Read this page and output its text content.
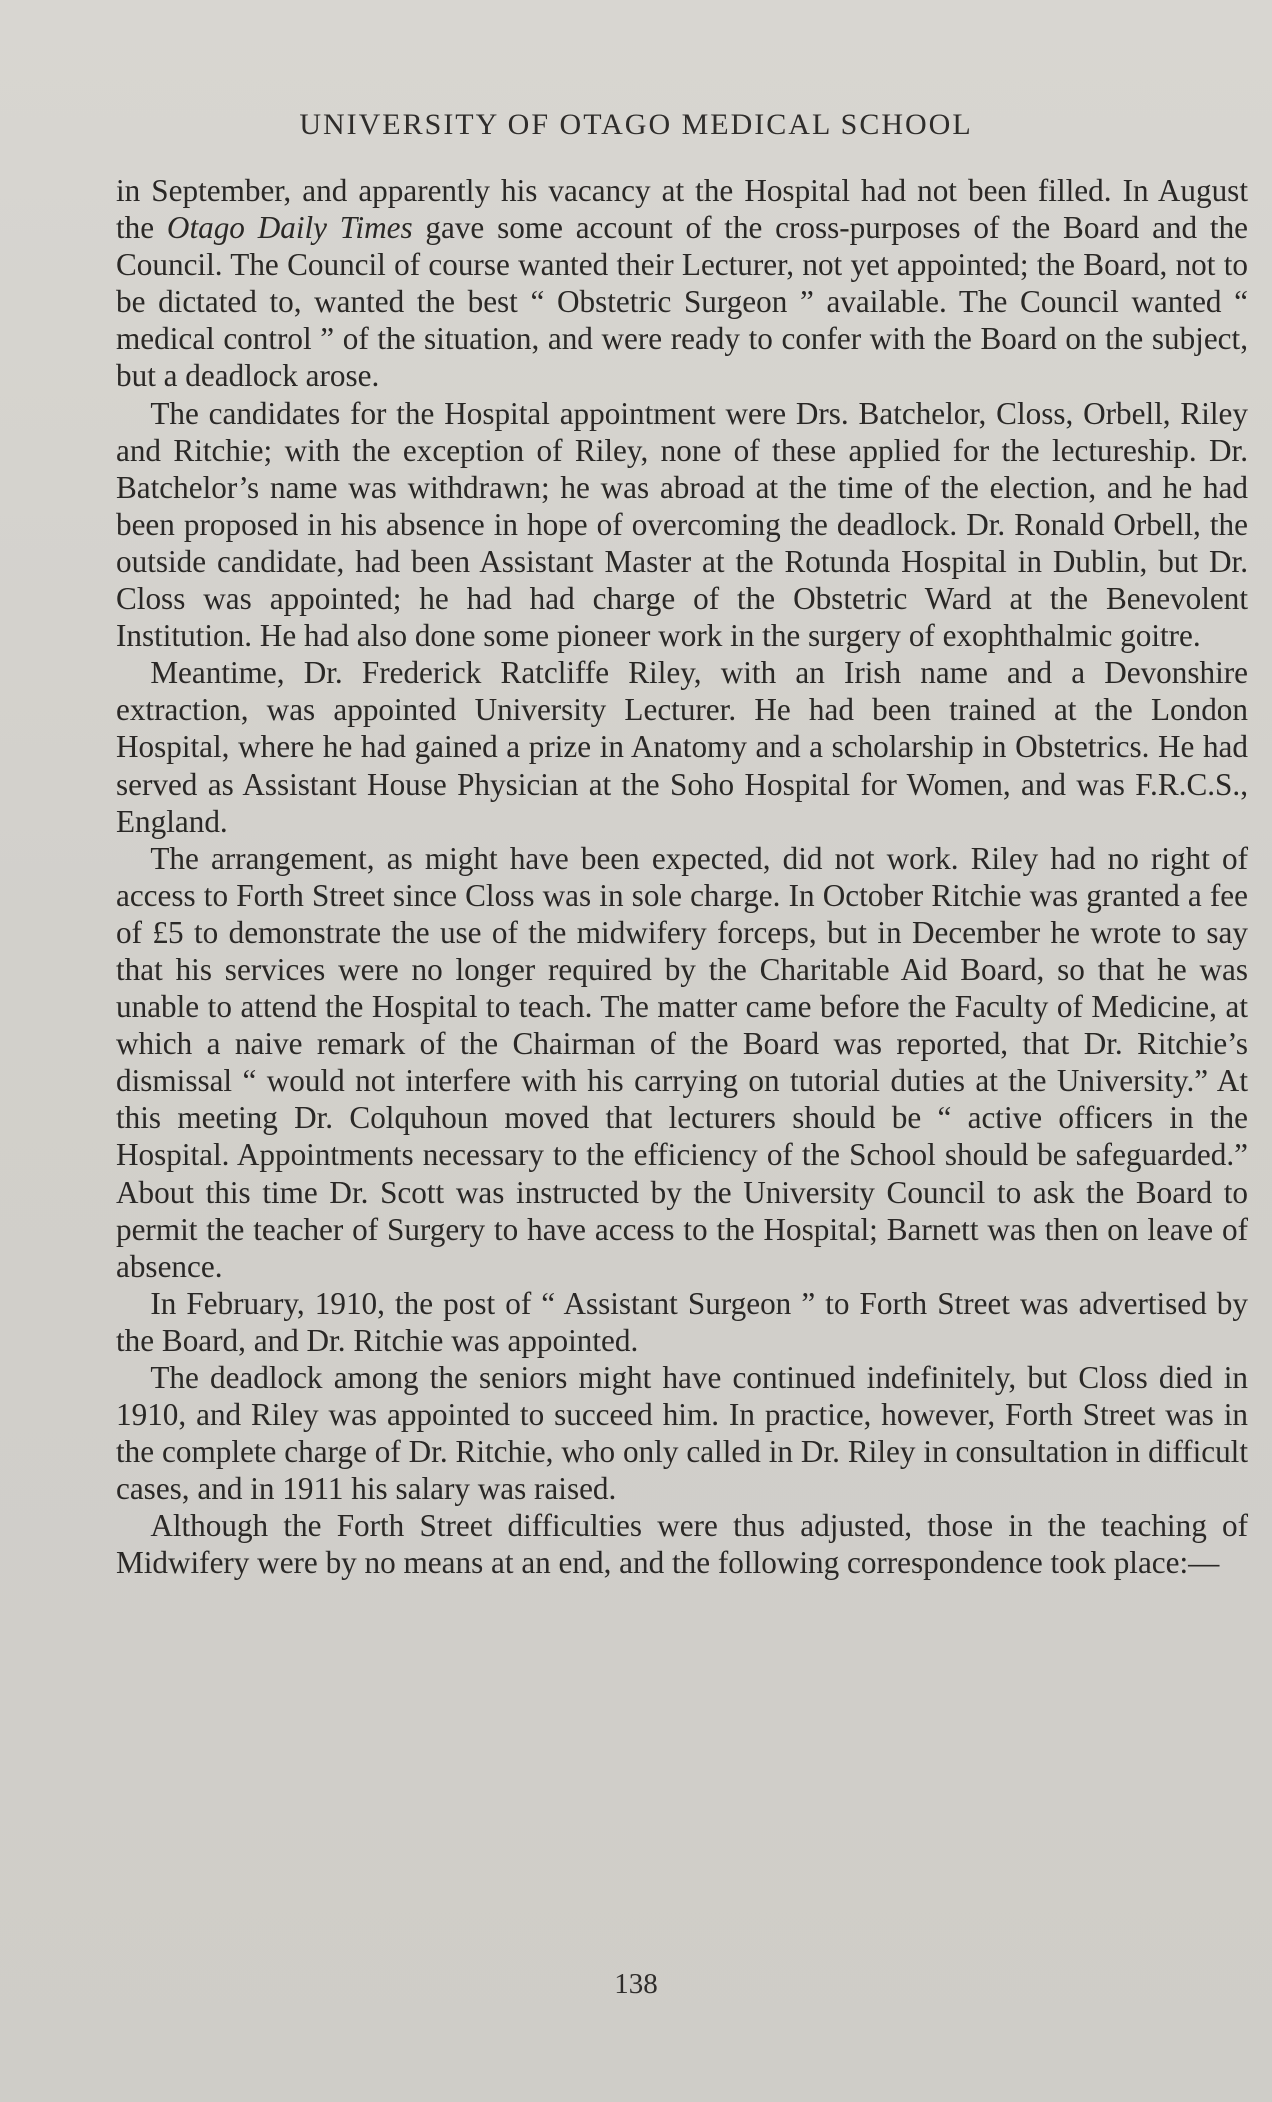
UNIVERSITY OF OTAGO MEDICAL SCHOOL

in September, and apparently his vacancy at the Hospital had not been filled. In August the Otago Daily Times gave some account of the cross-purposes of the Board and the Council. The Council of course wanted their Lecturer, not yet appointed; the Board, not to be dictated to, wanted the best “ Obstetric Surgeon ” available. The Council wanted “ medical control ” of the situation, and were ready to confer with the Board on the subject, but a deadlock arose.

The candidates for the Hospital appointment were Drs. Batchelor, Closs, Orbell, Riley and Ritchie; with the exception of Riley, none of these applied for the lectureship. Dr. Batchelor’s name was withdrawn; he was abroad at the time of the election, and he had been proposed in his absence in hope of overcoming the deadlock. Dr. Ronald Orbell, the outside candidate, had been Assistant Master at the Rotunda Hospital in Dublin, but Dr. Closs was appointed; he had had charge of the Obstetric Ward at the Benevolent Institution. He had also done some pioneer work in the surgery of exophthalmic goitre.

Meantime, Dr. Frederick Ratcliffe Riley, with an Irish name and a Devonshire extraction, was appointed University Lecturer. He had been trained at the London Hospital, where he had gained a prize in Anatomy and a scholarship in Obstetrics. He had served as Assistant House Physician at the Soho Hospital for Women, and was F.R.C.S., England.

The arrangement, as might have been expected, did not work. Riley had no right of access to Forth Street since Closs was in sole charge. In October Ritchie was granted a fee of £5 to demonstrate the use of the midwifery forceps, but in December he wrote to say that his services were no longer required by the Charitable Aid Board, so that he was unable to attend the Hospital to teach. The matter came before the Faculty of Medicine, at which a naive remark of the Chairman of the Board was reported, that Dr. Ritchie’s dismissal “ would not interfere with his carrying on tutorial duties at the University.” At this meeting Dr. Colquhoun moved that lecturers should be “ active officers in the Hospital. Appointments necessary to the efficiency of the School should be safeguarded.” About this time Dr. Scott was instructed by the University Council to ask the Board to permit the teacher of Surgery to have access to the Hospital; Barnett was then on leave of absence.

In February, 1910, the post of “ Assistant Surgeon ” to Forth Street was advertised by the Board, and Dr. Ritchie was appointed.

The deadlock among the seniors might have continued indefinitely, but Closs died in 1910, and Riley was appointed to succeed him. In practice, however, Forth Street was in the complete charge of Dr. Ritchie, who only called in Dr. Riley in consultation in difficult cases, and in 1911 his salary was raised.

Although the Forth Street difficulties were thus adjusted, those in the teaching of Midwifery were by no means at an end, and the following correspondence took place:—

138
